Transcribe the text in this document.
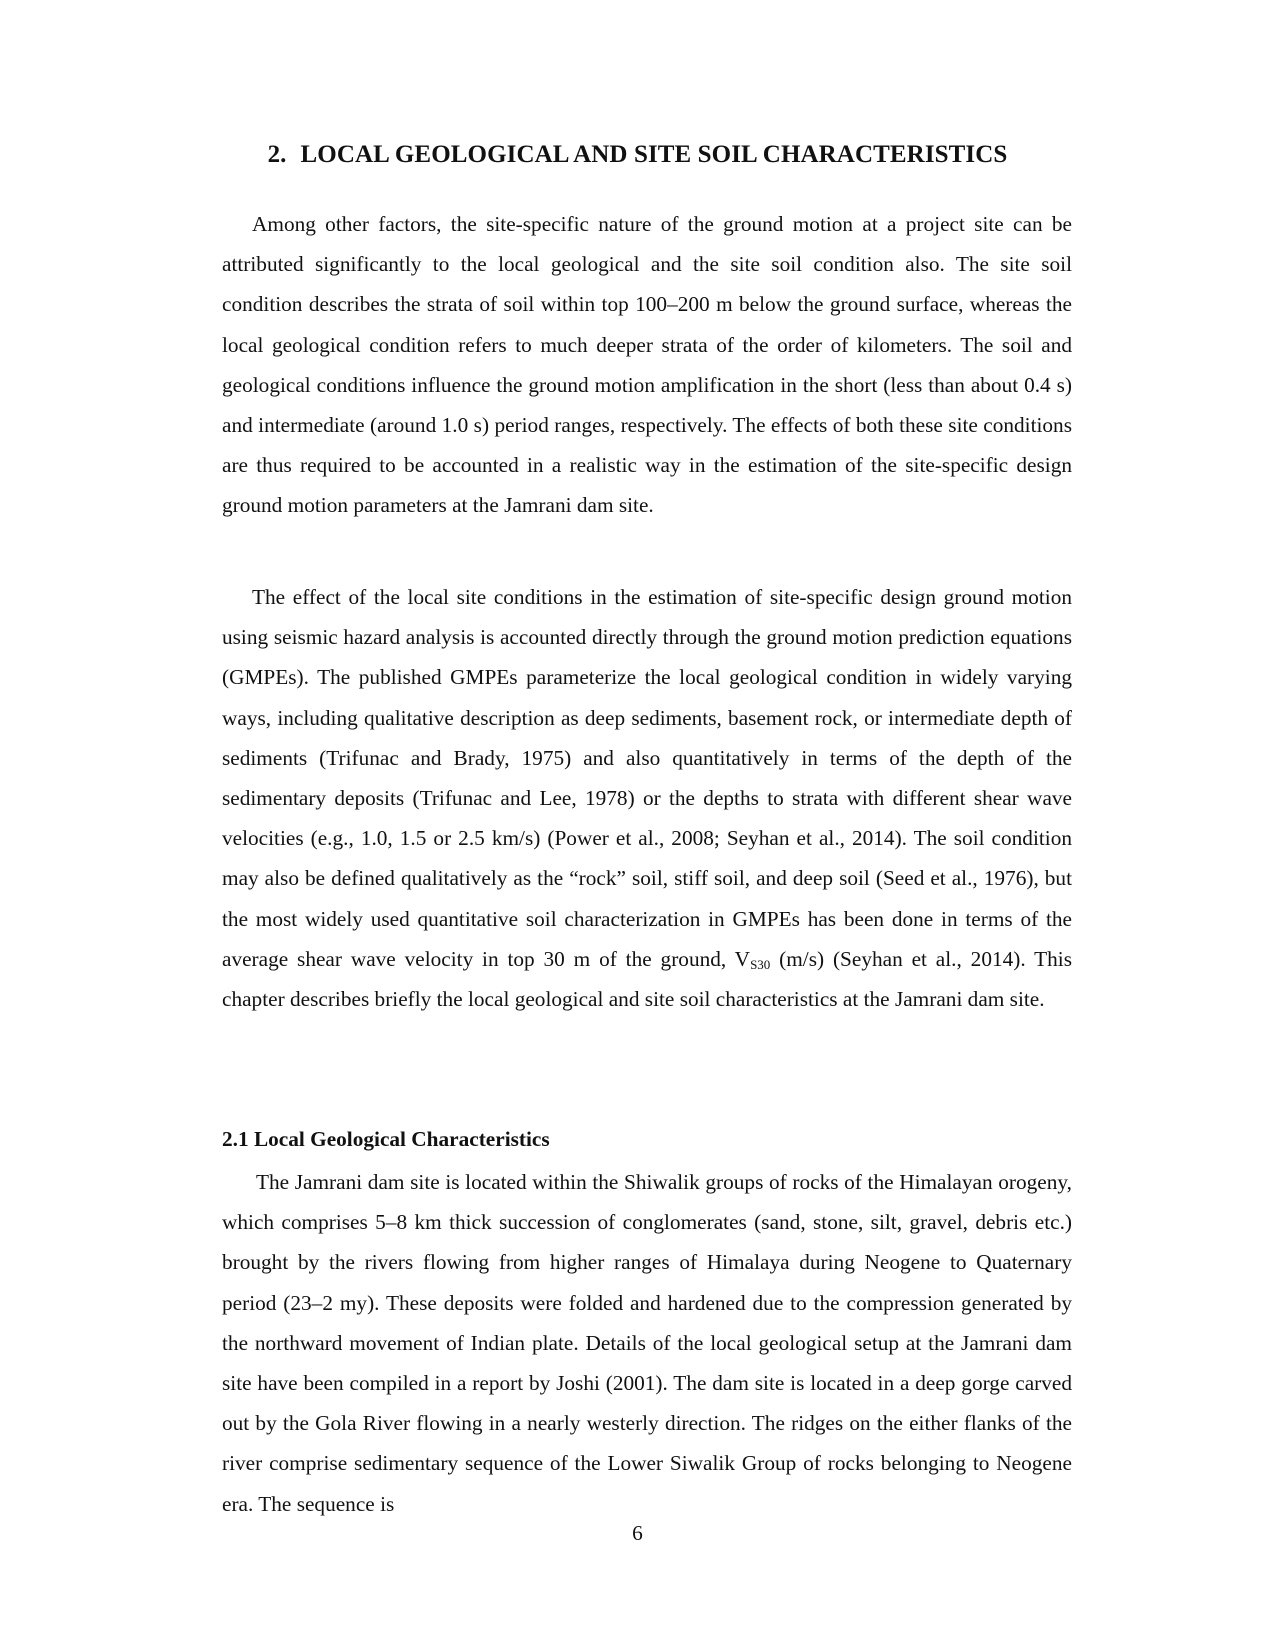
2. LOCAL GEOLOGICAL AND SITE SOIL CHARACTERISTICS

Among other factors, the site-specific nature of the ground motion at a project site can be attributed significantly to the local geological and the site soil condition also. The site soil condition describes the strata of soil within top 100–200 m below the ground surface, whereas the local geological condition refers to much deeper strata of the order of kilometers. The soil and geological conditions influence the ground motion amplification in the short (less than about 0.4 s) and intermediate (around 1.0 s) period ranges, respectively. The effects of both these site conditions are thus required to be accounted in a realistic way in the estimation of the site-specific design ground motion parameters at the Jamrani dam site.

The effect of the local site conditions in the estimation of site-specific design ground motion using seismic hazard analysis is accounted directly through the ground motion prediction equations (GMPEs). The published GMPEs parameterize the local geological condition in widely varying ways, including qualitative description as deep sediments, basement rock, or intermediate depth of sediments (Trifunac and Brady, 1975) and also quantitatively in terms of the depth of the sedimentary deposits (Trifunac and Lee, 1978) or the depths to strata with different shear wave velocities (e.g., 1.0, 1.5 or 2.5 km/s) (Power et al., 2008; Seyhan et al., 2014). The soil condition may also be defined qualitatively as the “rock” soil, stiff soil, and deep soil (Seed et al., 1976), but the most widely used quantitative soil characterization in GMPEs has been done in terms of the average shear wave velocity in top 30 m of the ground, $V_{S30}$ (m/s) (Seyhan et al., 2014). This chapter describes briefly the local geological and site soil characteristics at the Jamrani dam site.

2.1 Local Geological Characteristics

The Jamrani dam site is located within the Shiwalik groups of rocks of the Himalayan orogeny, which comprises 5–8 km thick succession of conglomerates (sand, stone, silt, gravel, debris etc.) brought by the rivers flowing from higher ranges of Himalaya during Neogene to Quaternary period (23–2 my). These deposits were folded and hardened due to the compression generated by the northward movement of Indian plate. Details of the local geological setup at the Jamrani dam site have been compiled in a report by Joshi (2001). The dam site is located in a deep gorge carved out by the Gola River flowing in a nearly westerly direction. The ridges on the either flanks of the river comprise sedimentary sequence of the Lower Siwalik Group of rocks belonging to Neogene era. The sequence is

6
